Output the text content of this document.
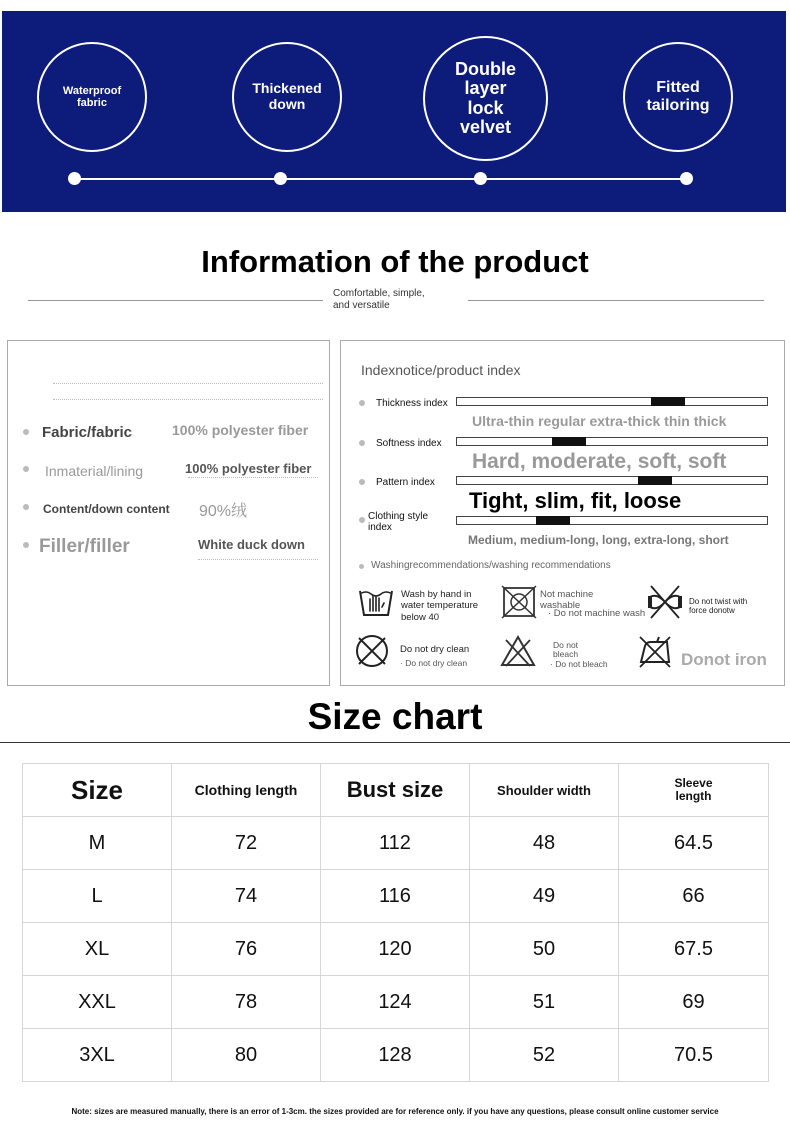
Waterproof
fabric
Thickened
down
Double
layer
lock
velvet
Fitted
tailoring
Information of the product
Comfortable, simple,
and versatile
Fabric/fabric	100% polyester fiber
Inmaterial/lining	100% polyester fiber
Content/down content 90%绒
Filler/filler	White duck down
Indexnotice/product index
Thickness index
Ultra-thin regular extra-thick thin thick
Softness index
Hard, moderate, soft, soft
Pattern index
Tight, slim, fit, loose
Clothing style
index
Medium, medium-long, long, extra-long, short
Washingrecommendations/washing recommendations
Wash by hand in
water temperature
below 40
Not machine
washable
· Do not machine wash
Do not twist with
force donotw
Do not dry clean
· Do not dry clean
Do not
bleach
· Do not bleach	Donot iron
Size chart
Size	Clothing length	Bust size	Shoulder width	Sleeve
length
M	72	112	48	64.5
L	74	116	49	66
XL	76	120	50	67.5
XXL	78	124	51	69
3XL	80	128	52	70.5
Note: sizes are measured manually, there is an error of 1-3cm. the sizes provided are for reference only. if you have any questions, please consult online customer service
